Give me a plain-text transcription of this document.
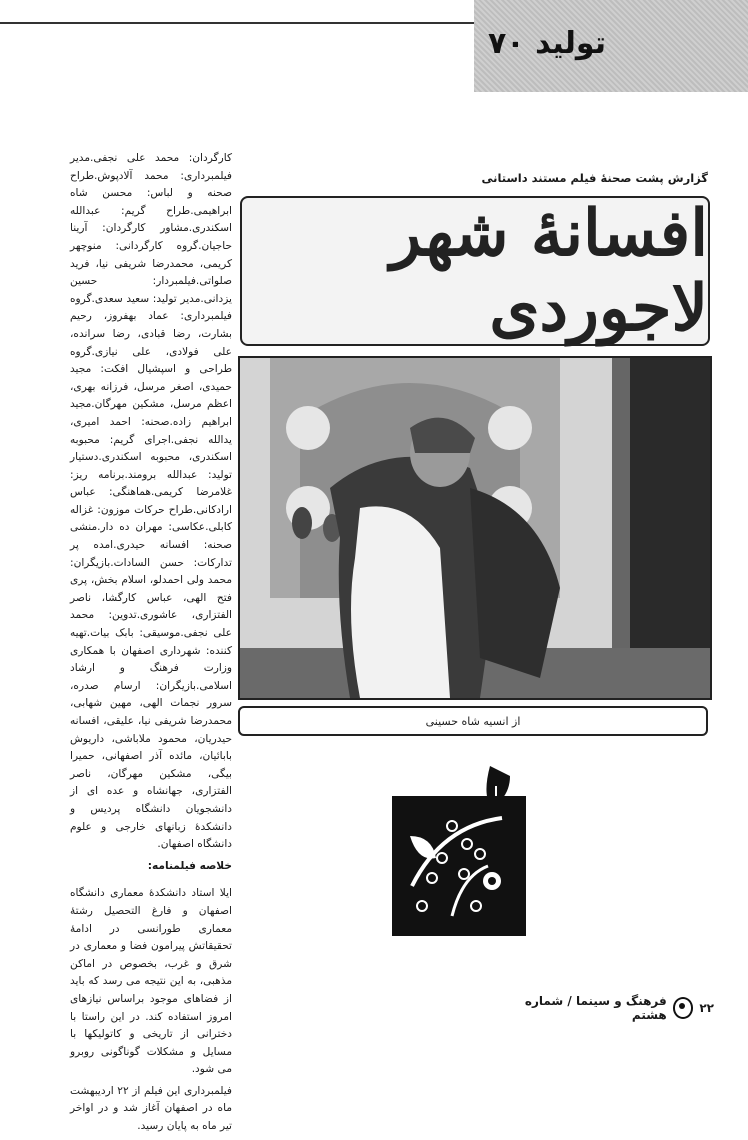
تولید ۷۰

کارگردان: محمد علی نجفی.مدیر فیلمبرداری: محمد آلادپوش.طراح صحنه و لباس: محسن شاه ابراهیمی.طراح گریم: عبدالله اسکندری.مشاور کارگردان: آرینا حاجیان.گروه کارگردانی: منوچهر کریمی، محمدرضا شریفی نیا، فرید صلواتی.فیلمبردار: حسین یزدانی.مدیر تولید: سعید سعدی.گروه فیلمبرداری: عماد بهفروز، رحیم بشارت، رضا قبادی، رضا سرانده، علی فولادی، علی نیازی.گروه طراحی و اسپشیال افکت: مجید حمیدی، اصغر مرسل، فرزانه بهری، اعظم مرسل، مشکین مهرگان.مجید ابراهیم زاده.صحنه: احمد امیری، یدالله نجفی.اجرای گریم: محبوبه اسکندری، محبوبه اسکندری.دستیار تولید: عبدالله برومند.برنامه ریز: غلامرضا کریمی.هماهنگی: عباس ارادکانی.طراح حرکات موزون: غزاله کابلی.عکاسی: مهران ده دار.منشی صحنه: افسانه حیدری.امده پر تدارکات: حسن السادات.بازیگران: محمد ولی احمدلو، اسلام بخش، پری فتح الهی، عباس کارگشا، ناصر الفتزاری، عاشوری.تدوین: محمد علی نجفی.موسیقی: بابک بیات.تهیه کننده: شهرداری اصفهان با همکاری وزارت فرهنگ و ارشاد اسلامی.بازیگران: ارسام صدره، سرور نجمات الهی، مهین شهابی، محمدرضا شریفی نیا، علیقی، افسانه حیدریان، محمود ملاباشی، داریوش بابائیان، مائده آذر اصفهانی، حمیرا بیگی، مشکین مهرگان، ناصر الفتزاری، جهانشاه و عده ای از دانشجویان دانشگاه پردیس و دانشکدهٔ زبانهای خارجی و علوم دانشگاه اصفهان.

خلاصه فیلمنامه:

ایلا استاد دانشکدهٔ معماری دانشگاه اصفهان و فارغ التحصیل رشتهٔ معماری طورانسی در ادامهٔ تحقیقاتش پیرامون فضا و معماری در شرق و غرب، بخصوص در اماکن مذهبی، به این نتیجه می رسد که باید از فضاهای موجود براساس نیازهای امروز استفاده کند. در این راستا با دخترانی از تاریخی و کاتولیکها با مسایل و مشکلات گوناگونی روبرو می شود.

فیلمبرداری این فیلم از ۲۲ اردیبهشت ماه در اصفهان آغاز شد و در اواخر تیر ماه به پایان رسید.

گزارش پشت صحنهٔ فیلم مستند داستانی
افسانهٔ شهر لاجوردی
از انسیه شاه حسینی
۲۲
فرهنگ و سینما / شماره هشتم
